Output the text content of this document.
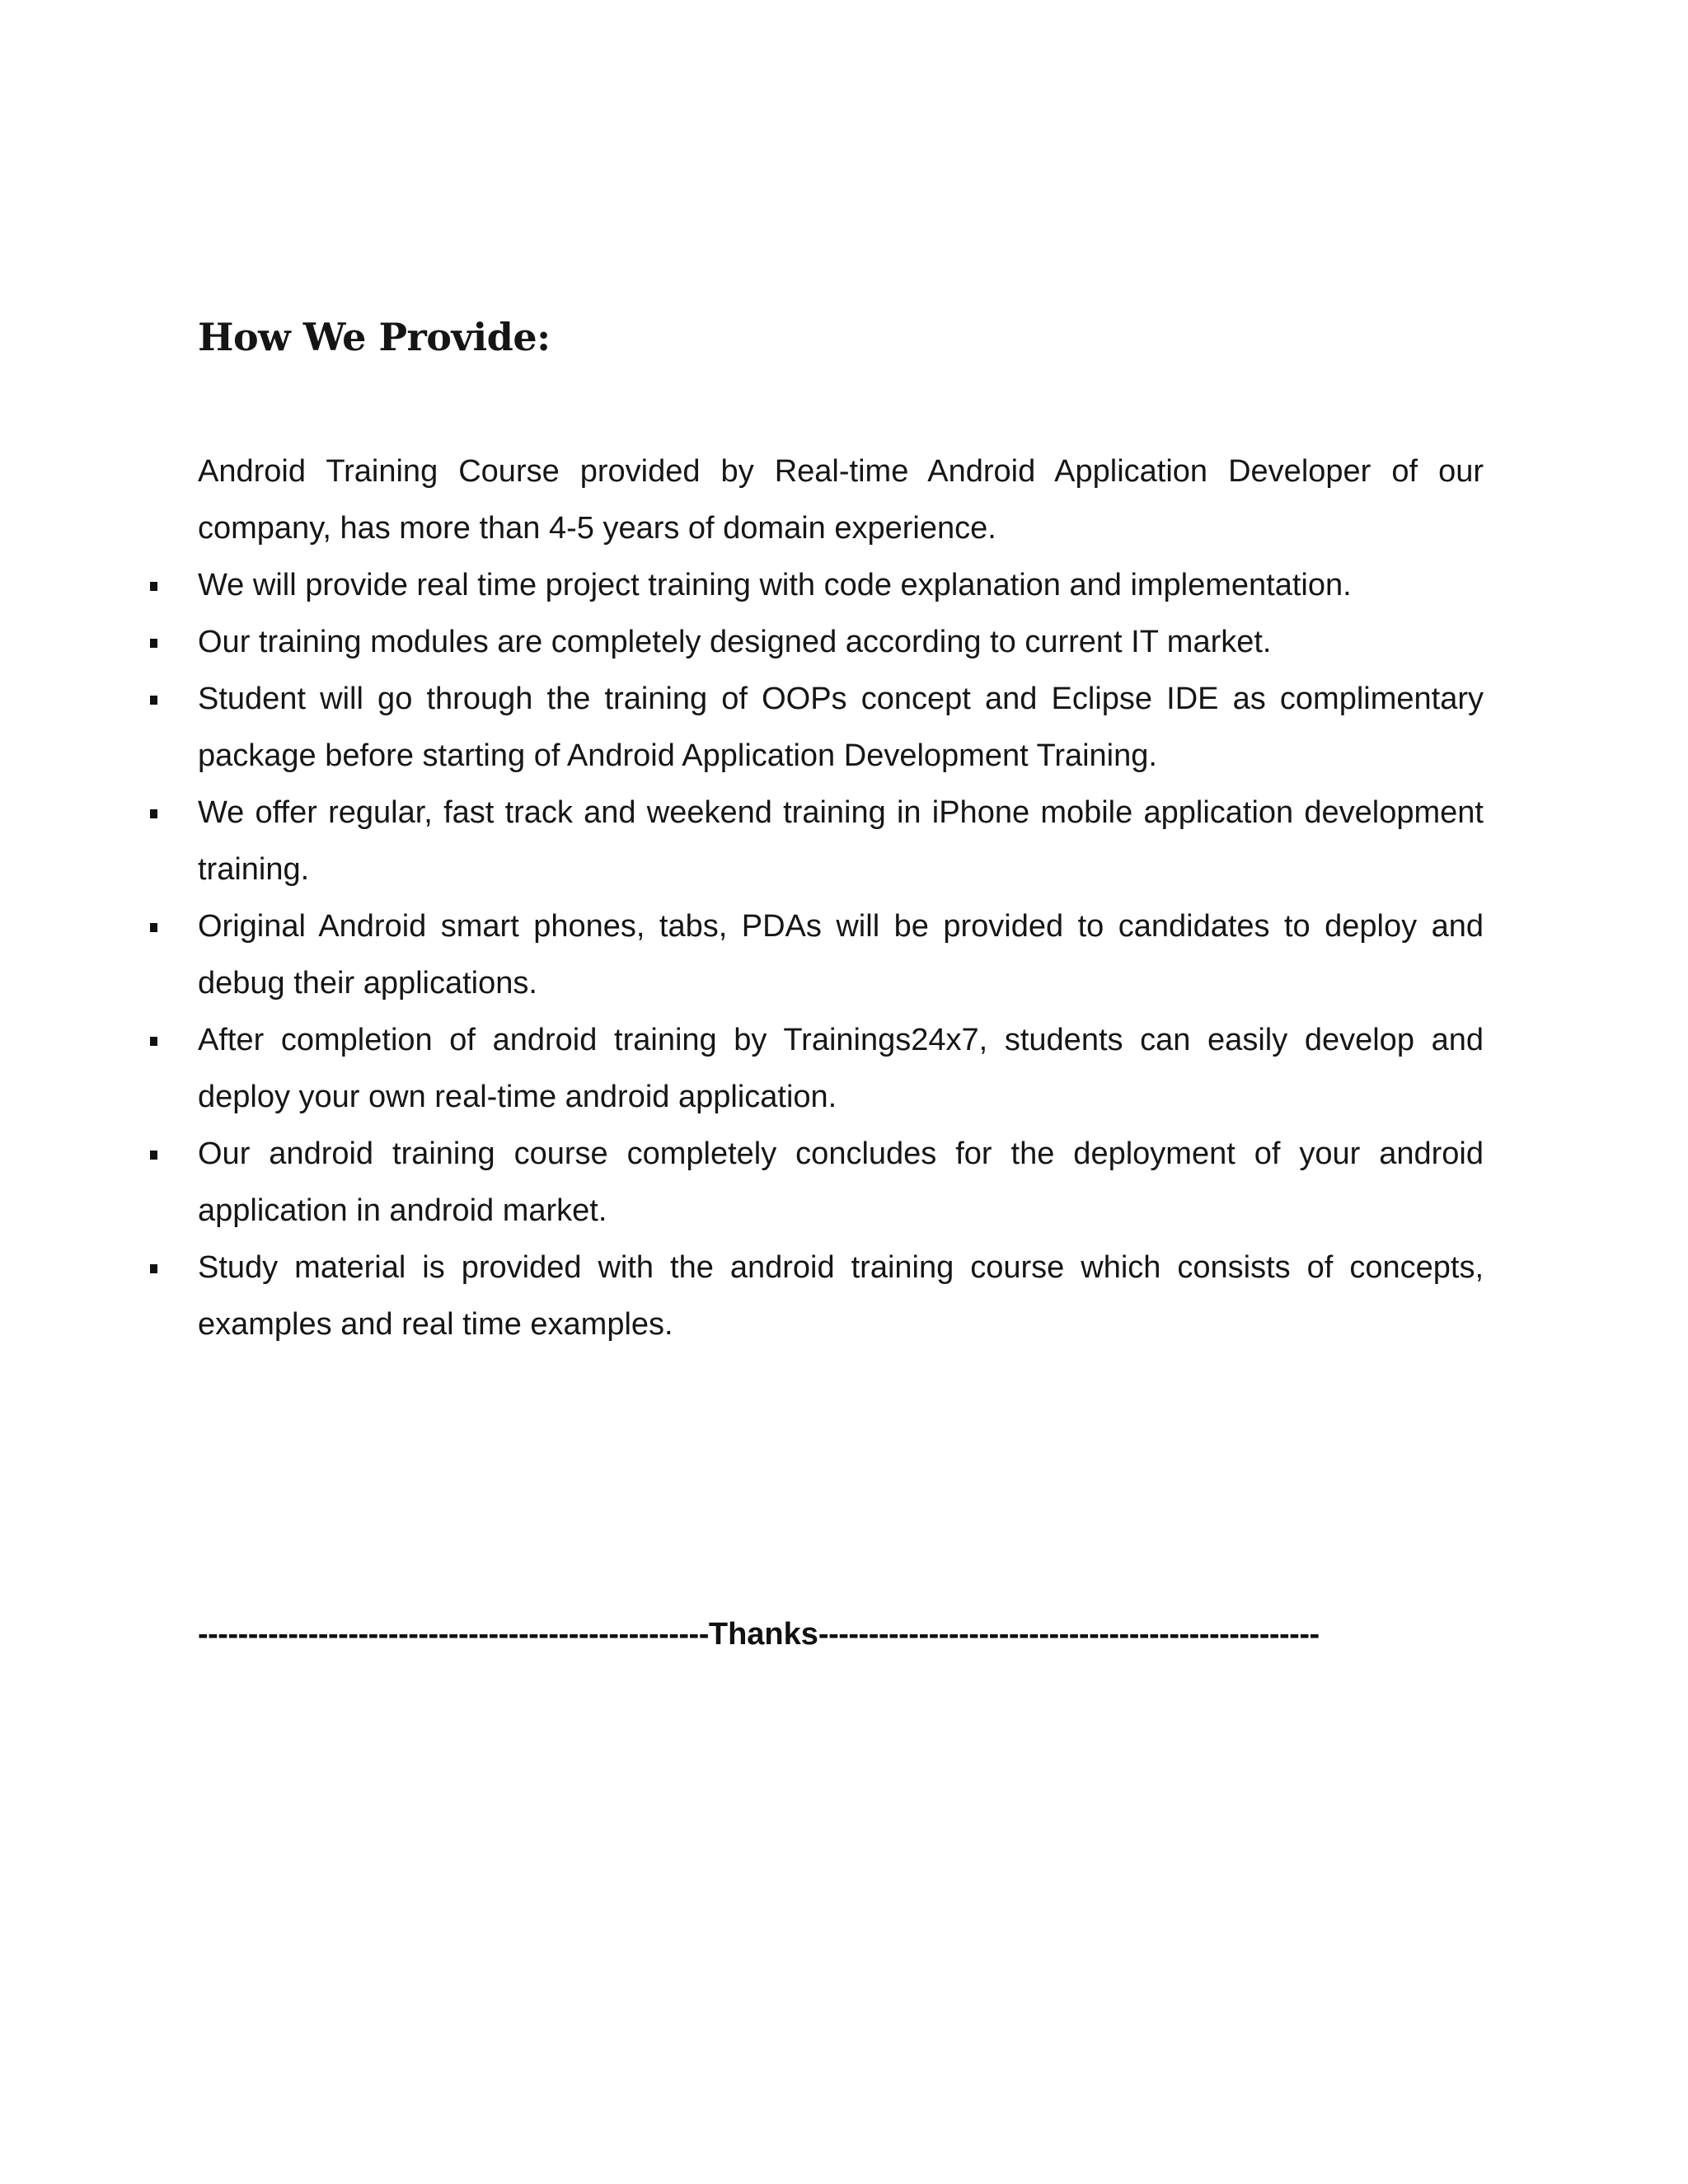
How We Provide:

Android Training Course provided by Real-time Android Application Developer of our company, has more than 4-5 years of domain experience.

We will provide real time project training with code explanation and implementation.
Our training modules are completely designed according to current IT market.
Student will go through the training of OOPs concept and Eclipse IDE as complimentary package before starting of Android Application Development Training.
We offer regular, fast track and weekend training in iPhone mobile application development training.
Original Android smart phones, tabs, PDAs will be provided to candidates to deploy and debug their applications.
After completion of android training by Trainings24x7, students can easily develop and deploy your own real-time android application.
Our android training course completely concludes for the deployment of your android application in android market.
Study material is provided with the android training course which consists of concepts, examples and real time examples.

---------------------------------------------------Thanks--------------------------------------------------
